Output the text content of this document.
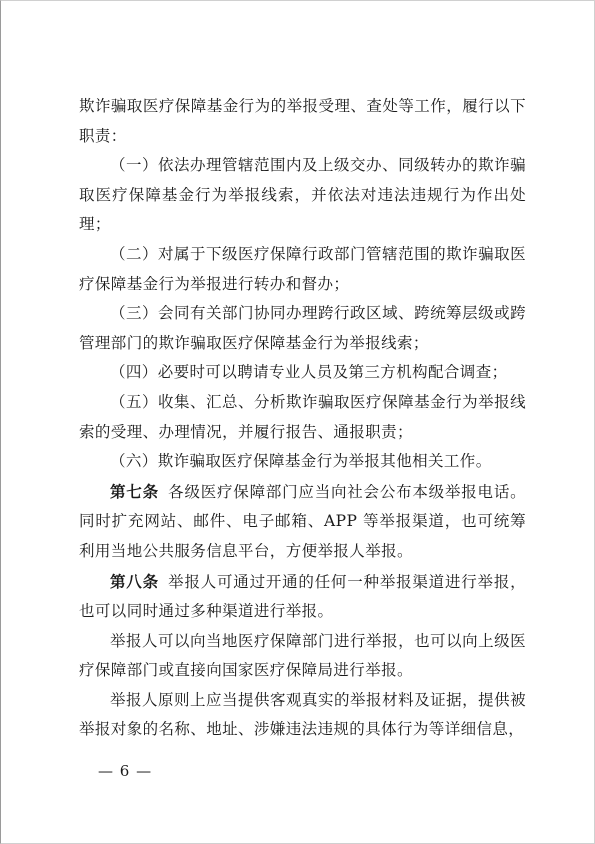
欺诈骗取医疗保障基金行为的举报受理、查处等工作，履行以下职责：

（一）依法办理管辖范围内及上级交办、同级转办的欺诈骗取医疗保障基金行为举报线索，并依法对违法违规行为作出处理；

（二）对属于下级医疗保障行政部门管辖范围的欺诈骗取医疗保障基金行为举报进行转办和督办；

（三）会同有关部门协同办理跨行政区域、跨统筹层级或跨管理部门的欺诈骗取医疗保障基金行为举报线索；

（四）必要时可以聘请专业人员及第三方机构配合调查；

（五）收集、汇总、分析欺诈骗取医疗保障基金行为举报线索的受理、办理情况，并履行报告、通报职责；

（六）欺诈骗取医疗保障基金行为举报其他相关工作。

第七条 各级医疗保障部门应当向社会公布本级举报电话。同时扩充网站、邮件、电子邮箱、APP 等举报渠道，也可统筹利用当地公共服务信息平台，方便举报人举报。

第八条 举报人可通过开通的任何一种举报渠道进行举报，也可以同时通过多种渠道进行举报。

举报人可以向当地医疗保障部门进行举报，也可以向上级医疗保障部门或直接向国家医疗保障局进行举报。

举报人原则上应当提供客观真实的举报材料及证据，提供被举报对象的名称、地址、涉嫌违法违规的具体行为等详细信息，

— 6 —
